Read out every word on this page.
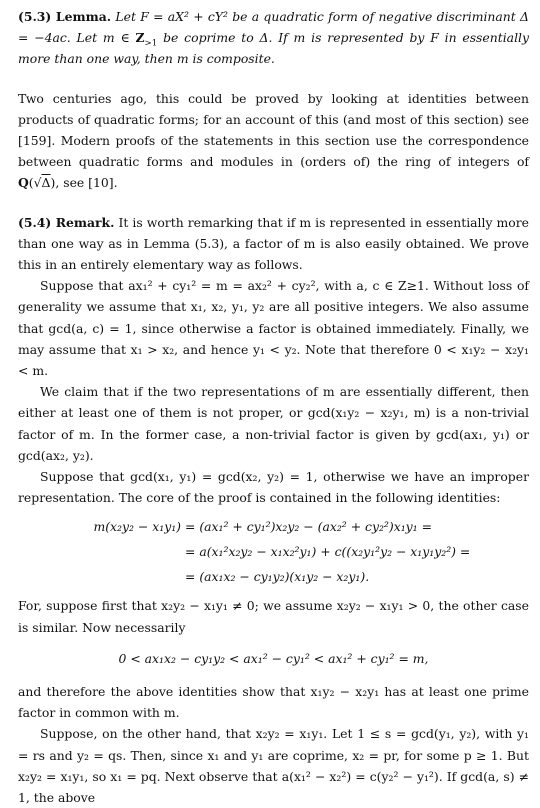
(5.3) Lemma. Let F = aX² + cY² be a quadratic form of negative discriminant Δ = −4ac. Let m ∈ $Z_{>1}$ be coprime to Δ. If m is represented by F in essentially more than one way, then m is composite.

Two centuries ago, this could be proved by looking at identities between products of quadratic forms; for an account of this (and most of this section) see [159]. Modern proofs of the statements in this section use the correspondence between quadratic forms and modules in (orders of) the ring of integers of Q(√Δ), see [10].

(5.4) Remark. It is worth remarking that if m is represented in essentially more than one way as in Lemma (5.3), a factor of m is also easily obtained. We prove this in an entirely elementary way as follows.

Suppose that ax₁² + cy₁² = m = ax₂² + cy₂², with a, c ∈ Z≥1. Without loss of generality we assume that x₁, x₂, y₁, y₂ are all positive integers. We also assume that gcd(a, c) = 1, since otherwise a factor is obtained immediately. Finally, we may assume that x₁ > x₂, and hence y₁ < y₂. Note that therefore 0 < x₁y₂ − x₂y₁ < m.

We claim that if the two representations of m are essentially different, then either at least one of them is not proper, or gcd(x₁y₂ − x₂y₁, m) is a non-trivial factor of m. In the former case, a non-trivial factor is given by gcd(ax₁, y₁) or gcd(ax₂, y₂).

Suppose that gcd(x₁, y₁) = gcd(x₂, y₂) = 1, otherwise we have an improper representation. The core of the proof is contained in the following identities:

m(x₂y₂ − x₁y₁) = (ax₁² + cy₁²)x₂y₂ − (ax₂² + cy₂²)x₁y₁ =
= a(x₁²x₂y₂ − x₁x₂²y₁) + c((x₂y₁²y₂ − x₁y₁y₂²) =
= (ax₁x₂ − cy₁y₂)(x₁y₂ − x₂y₁).

For, suppose first that x₂y₂ − x₁y₁ ≠ 0; we assume x₂y₂ − x₁y₁ > 0, the other case is similar. Now necessarily

0 < ax₁x₂ − cy₁y₂ < ax₁² − cy₁² < ax₁² + cy₁² = m,

and therefore the above identities show that x₁y₂ − x₂y₁ has at least one prime factor in common with m.

Suppose, on the other hand, that x₂y₂ = x₁y₁. Let 1 ≤ s = gcd(y₁, y₂), with y₁ = rs and y₂ = qs. Then, since x₁ and y₁ are coprime, x₂ = pr, for some p ≥ 1. But x₂y₂ = x₁y₁, so x₁ = pq. Next observe that a(x₁² − x₂²) = c(y₂² − y₁²). If gcd(a, s) ≠ 1, the above
